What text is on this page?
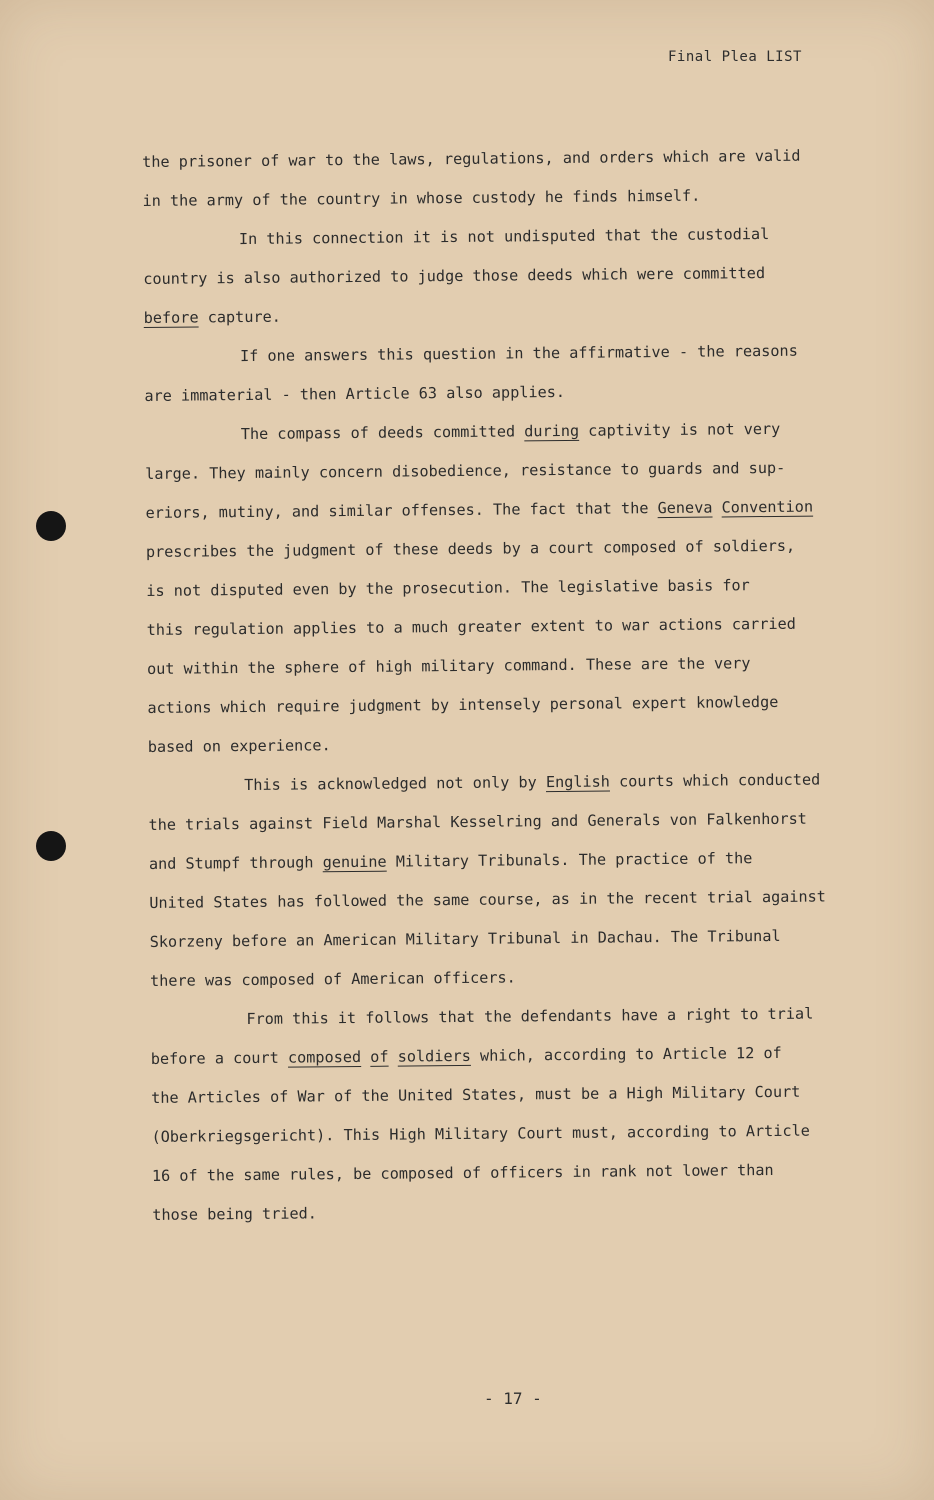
Final Plea LIST

the prisoner of war to the laws, regulations, and orders which are valid
in the army of the country in whose custody he finds himself.

In this connection it is not undisputed that the custodial
country is also authorized to judge those deeds which were committed
before capture.

If one answers this question in the affirmative - the reasons
are immaterial - then Article 63 also applies.

The compass of deeds committed during captivity is not very
large. They mainly concern disobedience, resistance to guards and sup-
eriors, mutiny, and similar offenses. The fact that the Geneva Convention
prescribes the judgment of these deeds by a court composed of soldiers,
is not disputed even by the prosecution. The legislative basis for
this regulation applies to a much greater extent to war actions carried
out within the sphere of high military command. These are the very
actions which require judgment by intensely personal expert knowledge
based on experience.

This is acknowledged not only by English courts which conducted
the trials against Field Marshal Kesselring and Generals von Falkenhorst
and Stumpf through genuine Military Tribunals. The practice of the
United States has followed the same course, as in the recent trial against
Skorzeny before an American Military Tribunal in Dachau. The Tribunal
there was composed of American officers.

From this it follows that the defendants have a right to trial
before a court composed of soldiers which, according to Article 12 of
the Articles of War of the United States, must be a High Military Court
(Oberkriegsgericht). This High Military Court must, according to Article
16 of the same rules, be composed of officers in rank not lower than
those being tried.

- 17 -
